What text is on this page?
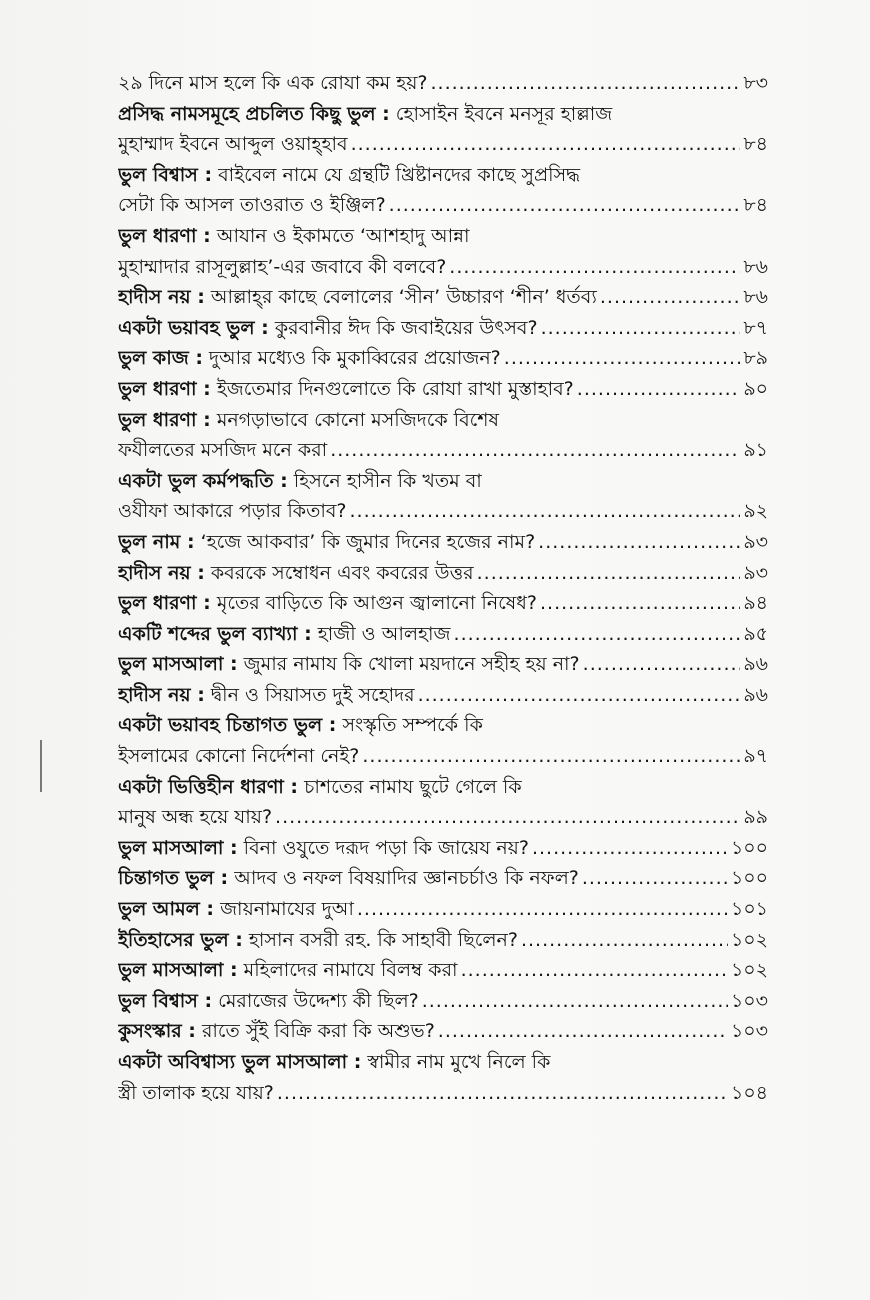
২৯ দিনে মাস হলে কি এক রোযা কম হয়? .....	৮৩
প্রসিদ্ধ নামসমূহে প্রচলিত কিছু ভুল :
হোসাইন ইবনে মনসূর হাল্লাজ
মুহাম্মাদ ইবনে আব্দুল ওয়াহ্হাব .....	৮৪
ভুল বিশ্বাস :
বাইবেল নামে যে গ্রন্থটি খ্রিষ্টানদের কাছে সুপ্রসিদ্ধ
সেটা কি আসল তাওরাত ও ইঞ্জিল? .....	৮৪
ভুল ধারণা :
আযান ও ইকামতে ‘আশহাদু আন্না
মুহাম্মাদার রাসূলুল্লাহ’-এর জবাবে কী বলবে? .....	৮৬
হাদীস নয় :
আল্লাহ্‌র কাছে বেলালের ‘সীন’ উচ্চারণ ‘শীন’ ধর্তব্য .....	৮৬
একটা ভয়াবহ ভুল :
কুরবানীর ঈদ কি জবাইয়ের উৎসব? .....	৮৭
ভুল কাজ :
দুআর মধ্যেও কি মুকাব্বিরের প্রয়োজন? .....	৮৯
ভুল ধারণা :
ইজতেমার দিনগুলোতে কি রোযা রাখা মুস্তাহাব? .....	৯০
ভুল ধারণা :
মনগড়াভাবে কোনো মসজিদকে বিশেষ
ফযীলতের মসজিদ মনে করা .....	৯১
একটা ভুল কর্মপদ্ধতি :
হিসনে হাসীন কি খতম বা
ওযীফা আকারে পড়ার কিতাব? .....	৯২
ভুল নাম :
‘হজে আকবার’ কি জুমার দিনের হজের নাম? .....	৯৩
হাদীস নয় :
কবরকে সম্বোধন এবং কবরের উত্তর .....	৯৩
ভুল ধারণা :
মৃতের বাড়িতে কি আগুন জ্বালানো নিষেধ? .....	৯৪
একটি শব্দের ভুল ব্যাখ্যা :
হাজী ও আলহাজ .....	৯৫
ভুল মাসআলা :
জুমার নামায কি খোলা ময়দানে সহীহ হয় না? .....	৯৬
হাদীস নয় :
দ্বীন ও সিয়াসত দুই সহোদর .....	৯৬
একটা ভয়াবহ চিন্তাগত ভুল :
সংস্কৃতি সম্পর্কে কি
ইসলামের কোনো নির্দেশনা নেই? .....	৯৭
একটা ভিত্তিহীন ধারণা :
চাশতের নামায ছুটে গেলে কি
মানুষ অন্ধ হয়ে যায়? .....	৯৯
ভুল মাসআলা :
বিনা ওযুতে দরূদ পড়া কি জায়েয নয়? .....	১০০
চিন্তাগত ভুল :
আদব ও নফল বিষয়াদির জ্ঞানচর্চাও কি নফল? .....	১০০
ভুল আমল :
জায়নামাযের দুআ .....	১০১
ইতিহাসের ভুল :
হাসান বসরী রহ. কি সাহাবী ছিলেন? .....	১০২
ভুল মাসআলা :
মহিলাদের নামাযে বিলম্ব করা .....	১০২
ভুল বিশ্বাস :
মেরাজের উদ্দেশ্য কী ছিল? .....	১০৩
কুসংস্কার :
রাতে সুঁই বিক্রি করা কি অশুভ? .....	১০৩
একটা অবিশ্বাস্য ভুল মাসআলা :
স্বামীর নাম মুখে নিলে কি
স্ত্রী তালাক হয়ে যায়? .....	১০৪
